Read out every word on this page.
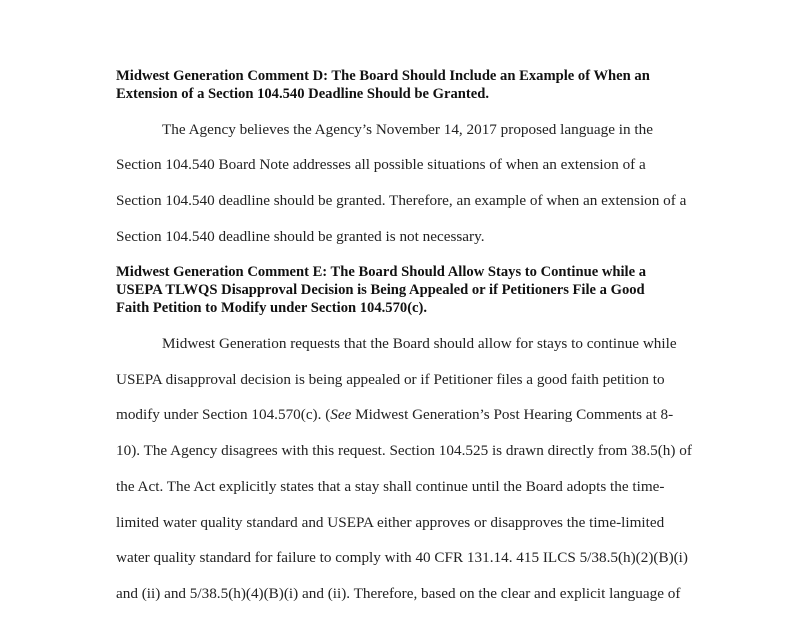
Midwest Generation Comment D: The Board Should Include an Example of When an
Extension of a Section 104.540 Deadline Should be Granted.
The Agency believes the Agency’s November 14, 2017 proposed language in the
Section 104.540 Board Note addresses all possible situations of when an extension of a
Section 104.540 deadline should be granted. Therefore, an example of when an extension of a
Section 104.540 deadline should be granted is not necessary.
Midwest Generation Comment E: The Board Should Allow Stays to Continue while a
USEPA TLWQS Disapproval Decision is Being Appealed or if Petitioners File a Good
Faith Petition to Modify under Section 104.570(c).
Midwest Generation requests that the Board should allow for stays to continue while
USEPA disapproval decision is being appealed or if Petitioner files a good faith petition to
modify under Section 104.570(c). (See Midwest Generation’s Post Hearing Comments at 8-
10). The Agency disagrees with this request. Section 104.525 is drawn directly from 38.5(h) of
the Act. The Act explicitly states that a stay shall continue until the Board adopts the time-
limited water quality standard and USEPA either approves or disapproves the time-limited
water quality standard for failure to comply with 40 CFR 131.14. 415 ILCS 5/38.5(h)(2)(B)(i)
and (ii) and 5/38.5(h)(4)(B)(i) and (ii). Therefore, based on the clear and explicit language of
